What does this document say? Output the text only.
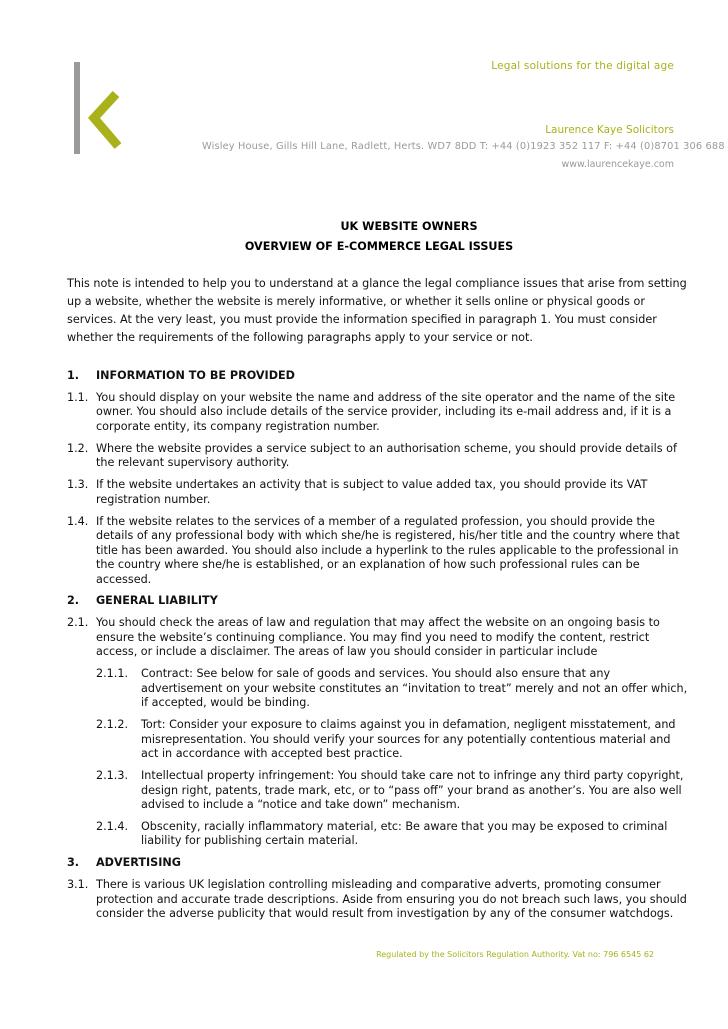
Legal solutions for the digital age
Laurence Kaye Solicitors
Wisley House, Gills Hill Lane, Radlett, Herts. WD7 8DD T: +44 (0)1923 352 117 F: +44 (0)8701 306 688
www.laurencekaye.com
UK WEBSITE OWNERS
OVERVIEW OF E-COMMERCE LEGAL ISSUES

This note is intended to help you to understand at a glance the legal compliance issues that arise from setting up a website, whether the website is merely informative, or whether it sells online or physical goods or services. At the very least, you must provide the information specified in paragraph 1. You must consider whether the requirements of the following paragraphs apply to your service or not.

1.	INFORMATION TO BE PROVIDED
1.1. You should display on your website the name and address of the site operator and the name of the site owner. You should also include details of the service provider, including its e-mail address and, if it is a corporate entity, its company registration number.
1.2. Where the website provides a service subject to an authorisation scheme, you should provide details of the relevant supervisory authority.
1.3. If the website undertakes an activity that is subject to value added tax, you should provide its VAT registration number.
1.4. If the website relates to the services of a member of a regulated profession, you should provide the details of any professional body with which she/he is registered, his/her title and the country where that title has been awarded. You should also include a hyperlink to the rules applicable to the professional in the country where she/he is established, or an explanation of how such professional rules can be accessed.
2.	GENERAL LIABILITY
2.1. You should check the areas of law and regulation that may affect the website on an ongoing basis to ensure the website’s continuing compliance. You may find you need to modify the content, restrict access, or include a disclaimer. The areas of law you should consider in particular include
2.1.1.	Contract: See below for sale of goods and services. You should also ensure that any advertisement on your website constitutes an “invitation to treat” merely and not an offer which, if accepted, would be binding.
2.1.2.	Tort: Consider your exposure to claims against you in defamation, negligent misstatement, and misrepresentation. You should verify your sources for any potentially contentious material and act in accordance with accepted best practice.
2.1.3.	Intellectual property infringement: You should take care not to infringe any third party copyright, design right, patents, trade mark, etc, or to “pass off” your brand as another’s. You are also well advised to include a “notice and take down” mechanism.
2.1.4.	Obscenity, racially inflammatory material, etc: Be aware that you may be exposed to criminal liability for publishing certain material.
3.	ADVERTISING
3.1. There is various UK legislation controlling misleading and comparative adverts, promoting consumer protection and accurate trade descriptions. Aside from ensuring you do not breach such laws, you should consider the adverse publicity that would result from investigation by any of the consumer watchdogs.
Regulated by the Solicitors Regulation Authority. Vat no: 796 6545 62
